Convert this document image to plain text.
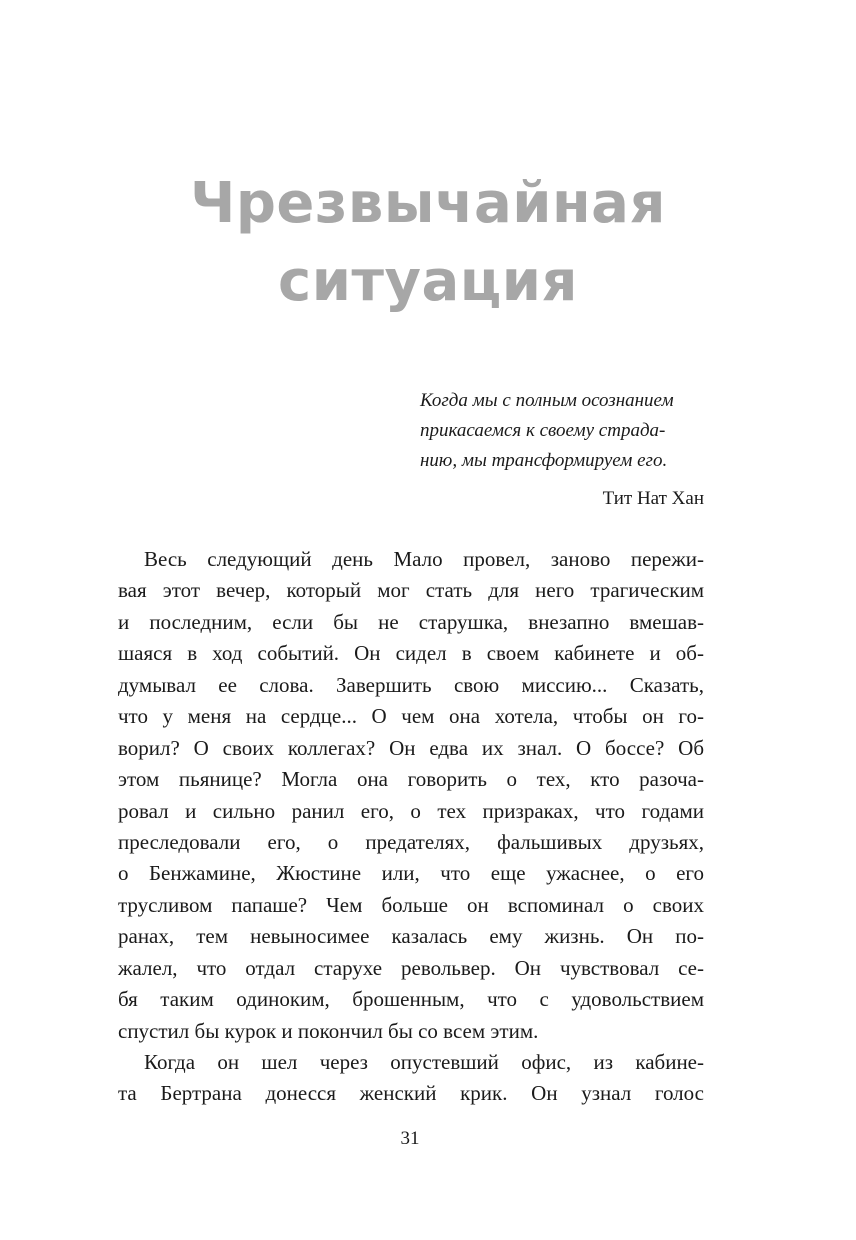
Чрезвычайная
ситуация
Когда мы с полным осознанием
прикасаемся к своему страда-
нию, мы трансформируем его.
Тит Нат Хан
Весь следующий день Мало провел, заново пережи-
вая этот вечер, который мог стать для него трагическим
и последним, если бы не старушка, внезапно вмешав-
шаяся в ход событий. Он сидел в своем кабинете и об-
думывал ее слова. Завершить свою миссию... Сказать,
что у меня на сердце... О чем она хотела, чтобы он го-
ворил? О своих коллегах? Он едва их знал. О боссе? Об
этом пьянице? Могла она говорить о тех, кто разоча-
ровал и сильно ранил его, о тех призраках, что годами
преследовали его, о предателях, фальшивых друзьях,
о Бенжамине, Жюстине или, что еще ужаснее, о его
трусливом папаше? Чем больше он вспоминал о своих
ранах, тем невыносимее казалась ему жизнь. Он по-
жалел, что отдал старухе револьвер. Он чувствовал се-
бя таким одиноким, брошенным, что с удовольствием
спустил бы курок и покончил бы со всем этим.
Когда он шел через опустевший офис, из кабине-
та Бертрана донесся женский крик. Он узнал голос
31
